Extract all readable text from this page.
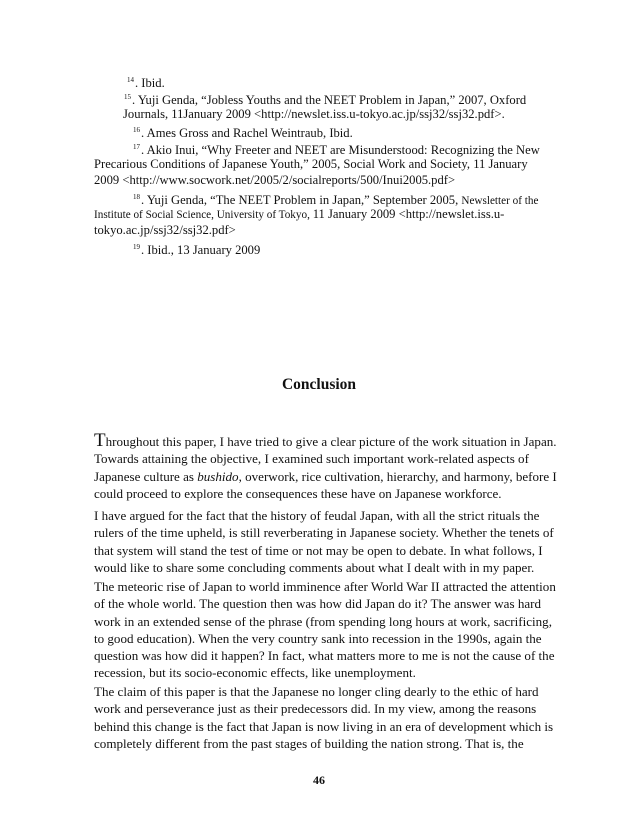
$^{14}$. Ibid.
$^{15}$. Yuji Genda, “Jobless Youths and the NEET Problem in Japan,” 2007, Oxford
Journals, 11January 2009 <http://newslet.iss.u-tokyo.ac.jp/ssj32/ssj32.pdf>.
$^{16}$. Ames Gross and Rachel Weintraub, Ibid.
$^{17}$. Akio Inui, “Why Freeter and NEET are Misunderstood: Recognizing the New
Precarious Conditions of Japanese Youth,” 2005, Social Work and Society, 11 January
2009 <http://www.socwork.net/2005/2/socialreports/500/Inui2005.pdf>
$^{18}$. Yuji Genda, “The NEET Problem in Japan,” September 2005, Newsletter of the
Institute of Social Science, University of Tokyo, 11 January 2009 <http://newslet.iss.u-
tokyo.ac.jp/ssj32/ssj32.pdf>
$^{19}$. Ibid., 13 January 2009
Conclusion
Throughout this paper, I have tried to give a clear picture of the work situation in Japan.
Towards attaining the objective, I examined such important work-related aspects of
Japanese culture as bushido, overwork, rice cultivation, hierarchy, and harmony, before I
could proceed to explore the consequences these have on Japanese workforce.
I have argued for the fact that the history of feudal Japan, with all the strict rituals the
rulers of the time upheld, is still reverberating in Japanese society. Whether the tenets of
that system will stand the test of time or not may be open to debate. In what follows, I
would like to share some concluding comments about what I dealt with in my paper.
The meteoric rise of Japan to world imminence after World War II attracted the attention
of the whole world. The question then was how did Japan do it? The answer was hard
work in an extended sense of the phrase (from spending long hours at work, sacrificing,
to good education). When the very country sank into recession in the 1990s, again the
question was how did it happen? In fact, what matters more to me is not the cause of the
recession, but its socio-economic effects, like unemployment.
The claim of this paper is that the Japanese no longer cling dearly to the ethic of hard
work and perseverance just as their predecessors did. In my view, among the reasons
behind this change is the fact that Japan is now living in an era of development which is
completely different from the past stages of building the nation strong. That is, the
46
